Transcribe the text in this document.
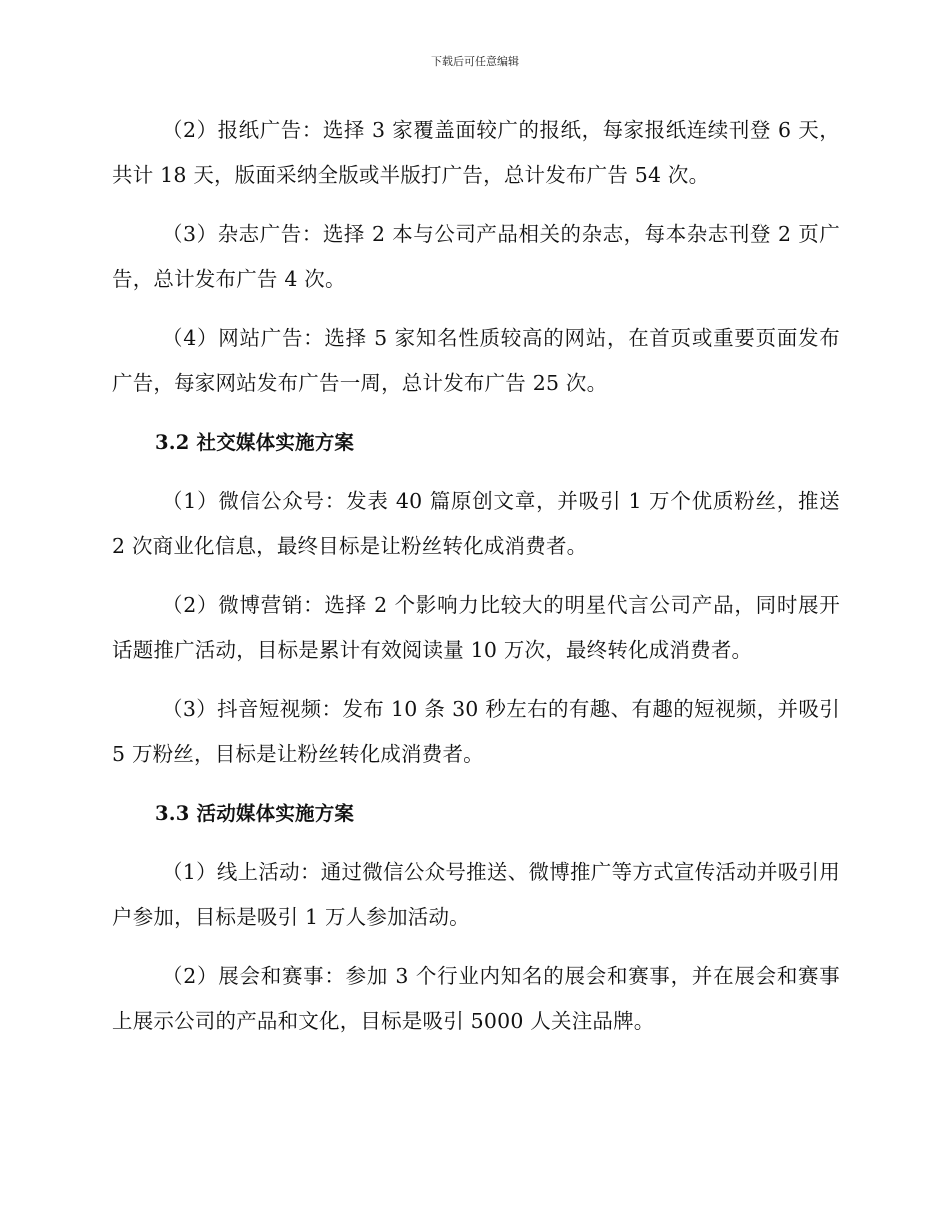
下载后可任意编辑

（2）报纸广告：选择 3 家覆盖面较广的报纸，每家报纸连续刊登 6 天，共计 18 天，版面采纳全版或半版打广告，总计发布广告 54 次。

（3）杂志广告：选择 2 本与公司产品相关的杂志，每本杂志刊登 2 页广告，总计发布广告 4 次。

（4）网站广告：选择 5 家知名性质较高的网站，在首页或重要页面发布广告，每家网站发布广告一周，总计发布广告 25 次。

3.2 社交媒体实施方案

（1）微信公众号：发表 40 篇原创文章，并吸引 1 万个优质粉丝，推送 2 次商业化信息，最终目标是让粉丝转化成消费者。

（2）微博营销：选择 2 个影响力比较大的明星代言公司产品，同时展开话题推广活动，目标是累计有效阅读量 10 万次，最终转化成消费者。

（3）抖音短视频：发布 10 条 30 秒左右的有趣、有趣的短视频，并吸引 5 万粉丝，目标是让粉丝转化成消费者。

3.3 活动媒体实施方案

（1）线上活动：通过微信公众号推送、微博推广等方式宣传活动并吸引用户参加，目标是吸引 1 万人参加活动。

（2）展会和赛事：参加 3 个行业内知名的展会和赛事，并在展会和赛事上展示公司的产品和文化，目标是吸引 5000 人关注品牌。
